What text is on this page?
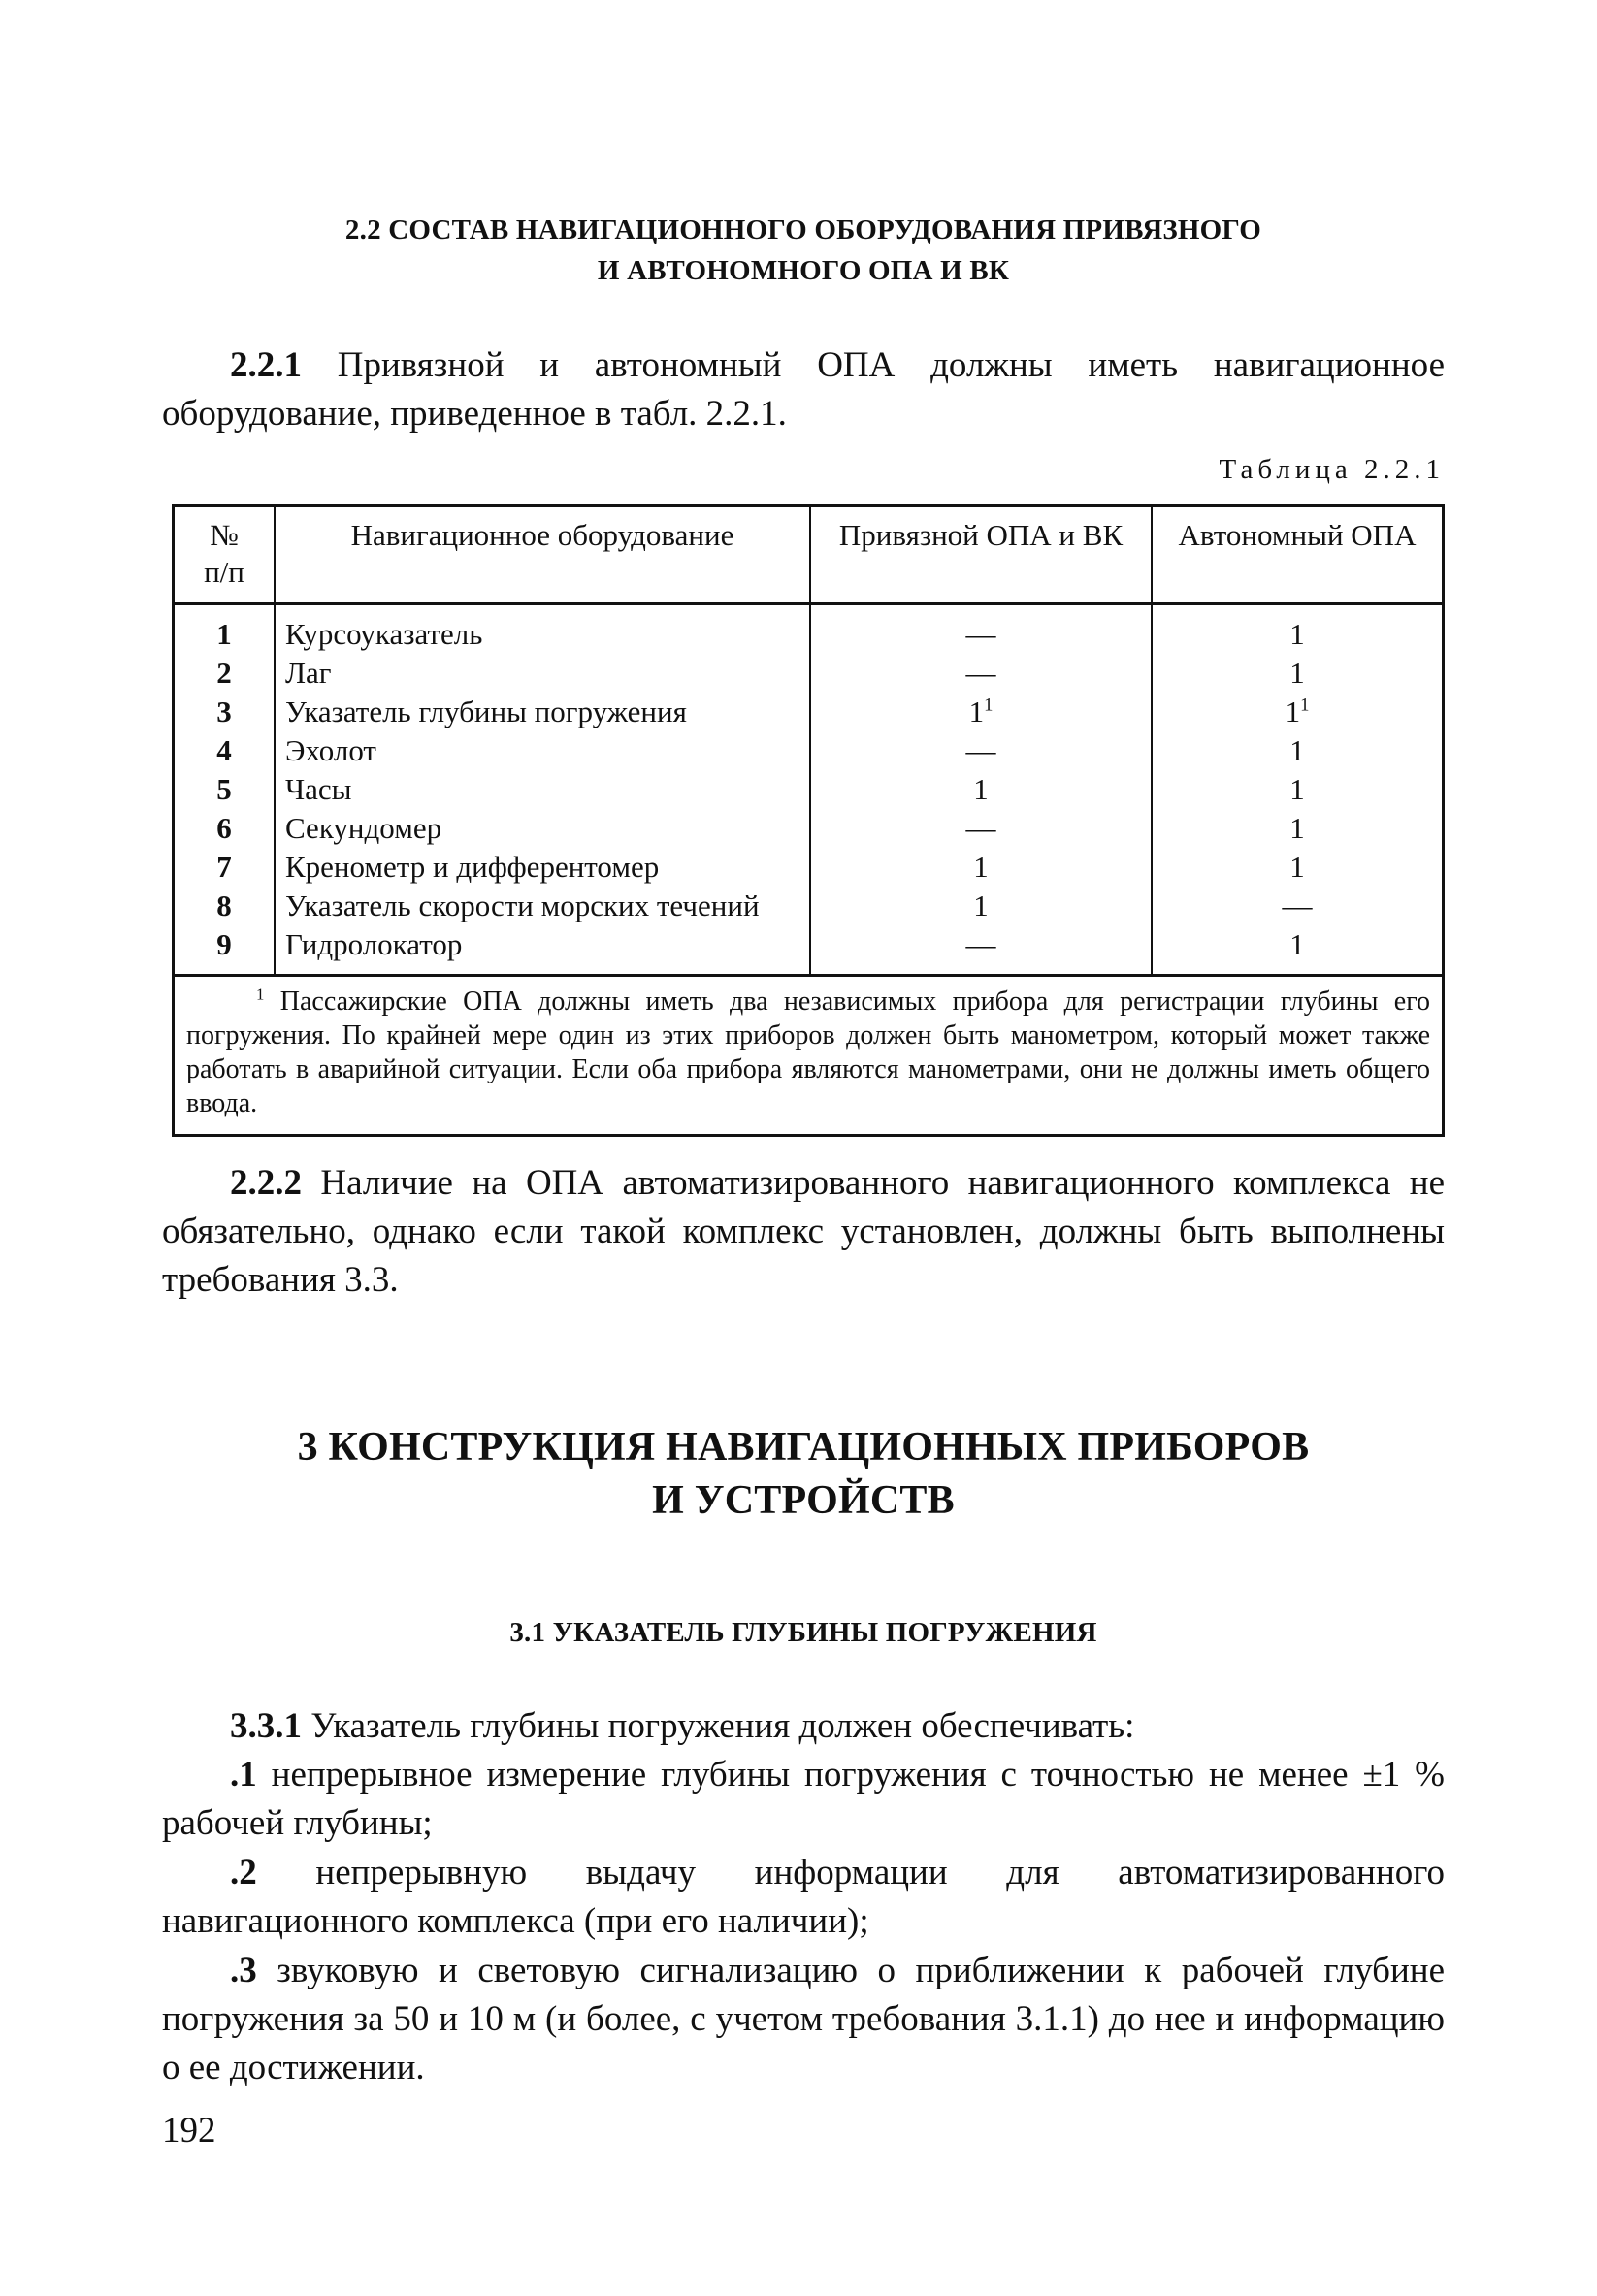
2.2 СОСТАВ НАВИГАЦИОННОГО ОБОРУДОВАНИЯ ПРИВЯЗНОГО
И АВТОНОМНОГО ОПА И ВК
2.2.1 Привязной и автономный ОПА должны иметь навигационное оборудование, приведенное в табл. 2.2.1.
Таблица 2.2.1
№
п/п	Навигационное оборудование	Привязной ОПА и ВК	Автономный ОПА
1	Курсоуказатель	—	1
2	Лаг	—	1
3	Указатель глубины погружения	$1^1$	$1^1$
4	Эхолот	—	1
5	Часы	1	1
6	Секундомер	—	1
7	Кренометр и дифферентомер	1	1
8	Указатель скорости морских течений	1	—
9	Гидролокатор	—	1
$^1$ Пассажирские ОПА должны иметь два независимых прибора для регистрации глубины его погружения. По крайней мере один из этих приборов должен быть манометром, который может также работать в аварийной ситуации. Если оба прибора являются манометрами, они не должны иметь общего ввода.			
2.2.2 Наличие на ОПА автоматизированного навигационного комплекса не обязательно, однако если такой комплекс установлен, должны быть выполнены требования 3.3.
3 КОНСТРУКЦИЯ НАВИГАЦИОННЫХ ПРИБОРОВ
И УСТРОЙСТВ
3.1 УКАЗАТЕЛЬ ГЛУБИНЫ ПОГРУЖЕНИЯ
3.3.1 Указатель глубины погружения должен обеспечивать:
.1 непрерывное измерение глубины погружения с точностью не менее ±1 % рабочей глубины;
.2 непрерывную выдачу информации для автоматизированного навигационного комплекса (при его наличии);
.3 звуковую и световую сигнализацию о приближении к рабочей глубине погружения за 50 и 10 м (и более, с учетом требования 3.1.1) до нее и информацию о ее достижении.
192
